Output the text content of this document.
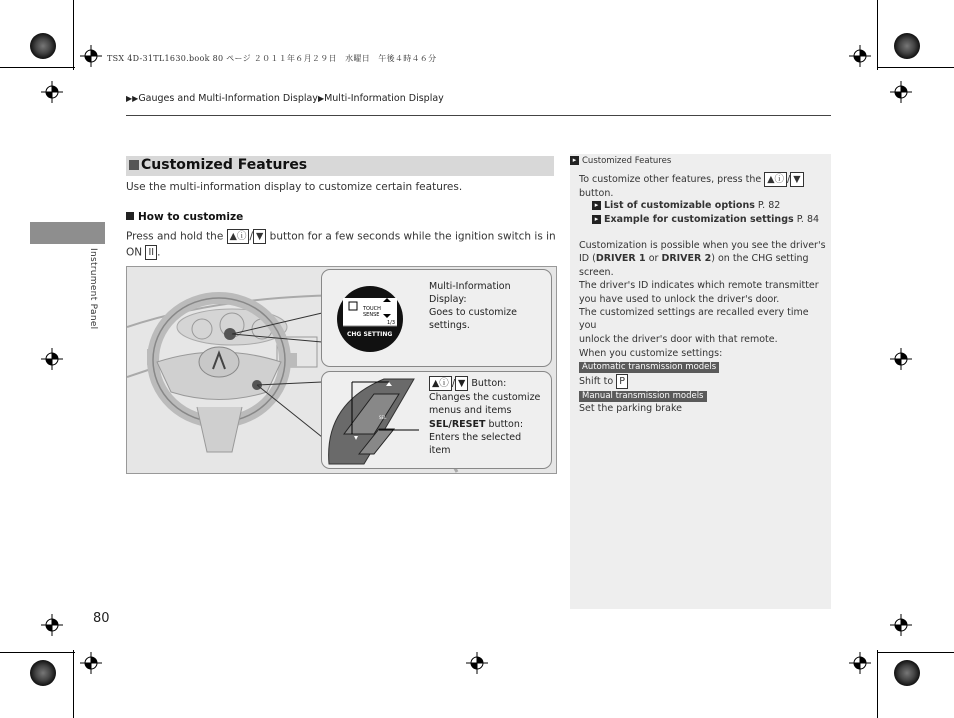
TSX 4D-31TL1630.book 80 ページ ２０１１年６月２９日　水曜日　午後４時４６分
▶▶Gauges and Multi-Information Display▶Multi-Information Display
Instrument Panel
Customized Features
Use the multi-information display to customize certain features.
How to customize
Press and hold the ▲ⓘ / ▼ button for a few seconds while the ignition switch is in
ON II .
TOUCH
SENSE
1/3
CHG SETTING
Multi-Information
Display:
Goes to customize
settings.
SEL
▲ⓘ / ▼ Button:
Changes the customize
menus and items
SEL/RESET button:
Enters the selected
item
▸ Customized Features
To customize other features, press the ▲ⓘ / ▼
button.
▸ List of customizable options P. 82
▸ Example for customization settings P. 84
Customization is possible when you see the driver's
ID (DRIVER 1 or DRIVER 2) on the CHG setting
screen.
The driver's ID indicates which remote transmitter
you have used to unlock the driver's door.
The customized settings are recalled every time you
unlock the driver's door with that remote.
When you customize settings:
Automatic transmission models
Shift to P
Manual transmission models
Set the parking brake
80
